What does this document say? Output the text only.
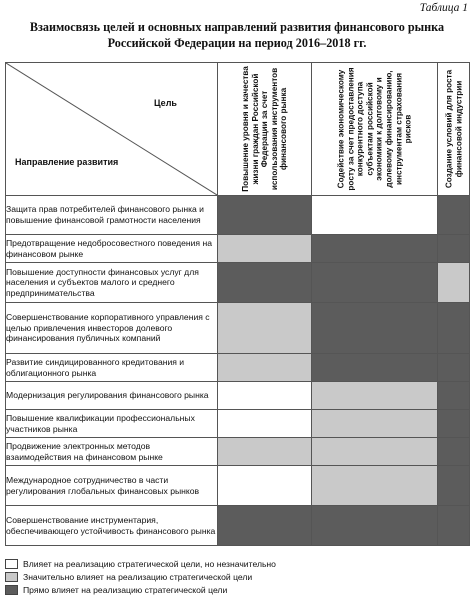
Таблица 1
Взаимосвязь целей и основных направлений развития финансового рынка
Российской Федерации на период 2016–2018 гг.
Цель
Направление развития	Повышение уровня и качества жизни граждан Российской Федерации за счет использования инструментов финансового рынка	Содействие экономическому росту за счет предоставления конкурентного доступа субъектам российской экономики к долговому и долевому финансированию, инструментам страхования рисков	Создание условий для роста финансовой индустрии

Защита прав потребителей финансового рынка и повышение финансовой грамотности населения			
Предотвращение недобросовестного поведения на финансовом рынке			
Повышение доступности финансовых услуг для населения и субъектов малого и среднего предпринимательства			
Совершенствование корпоративного управления с целью привлечения инвесторов долевого финансирования публичных компаний			
Развитие синдицированного кредитования и облигационного рынка			
Модернизация регулирования финансового рынка			
Повышение квалификации профессиональных участников рынка			
Продвижение электронных методов взаимодействия на финансовом рынке			
Международное сотрудничество в части регулирования глобальных финансовых рынков			
Совершенствование инструментария, обеспечивающего устойчивость финансового рынка			
Влияет на реализацию стратегической цели, но незначительно
Значительно влияет на реализацию стратегической цели
Прямо влияет на реализацию стратегической цели
